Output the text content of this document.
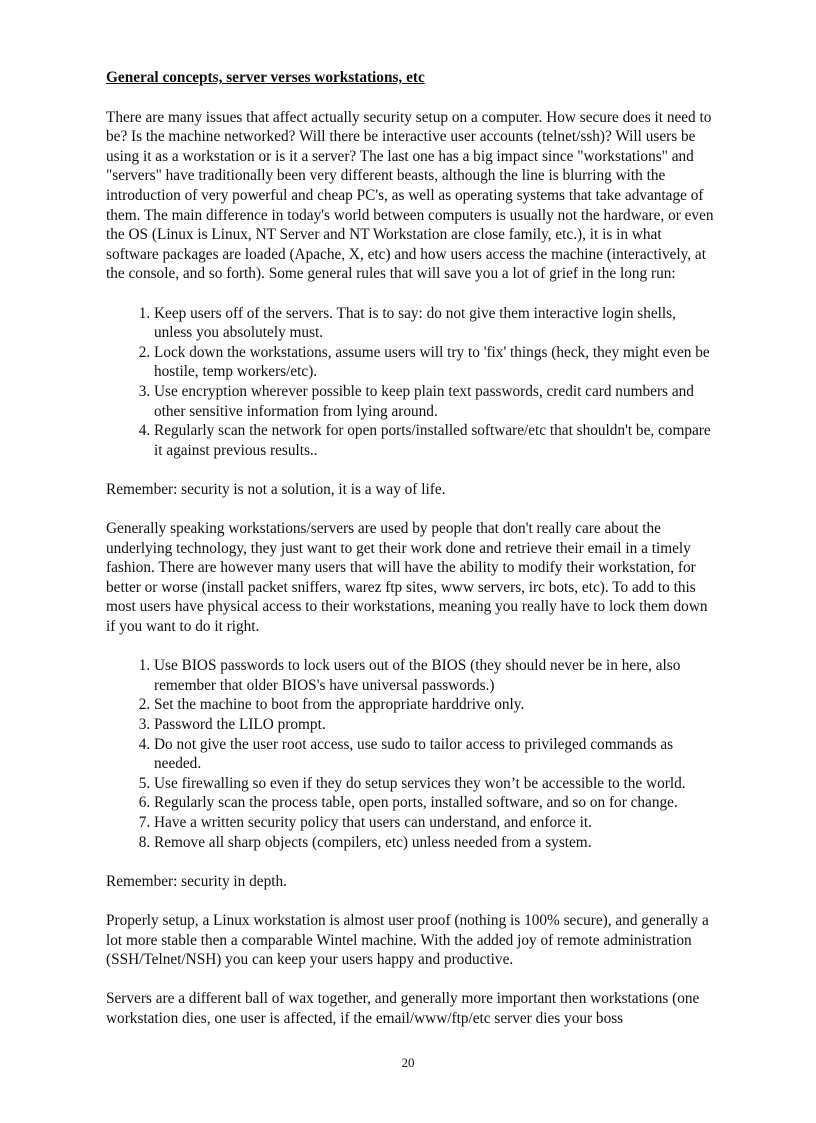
General concepts, server verses workstations, etc

There are many issues that affect actually security setup on a computer. How secure does it need to be? Is the machine networked? Will there be interactive user accounts (telnet/ssh)? Will users be using it as a workstation or is it a server? The last one has a big impact since "workstations" and "servers" have traditionally been very different beasts, although the line is blurring with the introduction of very powerful and cheap PC's, as well as operating systems that take advantage of them. The main difference in today's world between computers is usually not the hardware, or even the OS (Linux is Linux, NT Server and NT Workstation are close family, etc.), it is in what software packages are loaded (Apache, X, etc) and how users access the machine (interactively, at the console, and so forth). Some general rules that will save you a lot of grief in the long run:

1. Keep users off of the servers. That is to say: do not give them interactive login shells, unless you absolutely must.
2. Lock down the workstations, assume users will try to 'fix' things (heck, they might even be hostile, temp workers/etc).
3. Use encryption wherever possible to keep plain text passwords, credit card numbers and other sensitive information from lying around.
4. Regularly scan the network for open ports/installed software/etc that shouldn't be, compare it against previous results..

Remember: security is not a solution, it is a way of life.

Generally speaking workstations/servers are used by people that don't really care about the underlying technology, they just want to get their work done and retrieve their email in a timely fashion. There are however many users that will have the ability to modify their workstation, for better or worse (install packet sniffers, warez ftp sites, www servers, irc bots, etc). To add to this most users have physical access to their workstations, meaning you really have to lock them down if you want to do it right.

1. Use BIOS passwords to lock users out of the BIOS (they should never be in here, also remember that older BIOS's have universal passwords.)
2. Set the machine to boot from the appropriate harddrive only.
3. Password the LILO prompt.
4. Do not give the user root access, use sudo to tailor access to privileged commands as needed.
5. Use firewalling so even if they do setup services they won’t be accessible to the world.
6. Regularly scan the process table, open ports, installed software, and so on for change.
7. Have a written security policy that users can understand, and enforce it.
8. Remove all sharp objects (compilers, etc) unless needed from a system.

Remember: security in depth.

Properly setup, a Linux workstation is almost user proof (nothing is 100% secure), and generally a lot more stable then a comparable Wintel machine. With the added joy of remote administration (SSH/Telnet/NSH) you can keep your users happy and productive.

Servers are a different ball of wax together, and generally more important then workstations (one workstation dies, one user is affected, if the email/www/ftp/etc server dies your boss

20
